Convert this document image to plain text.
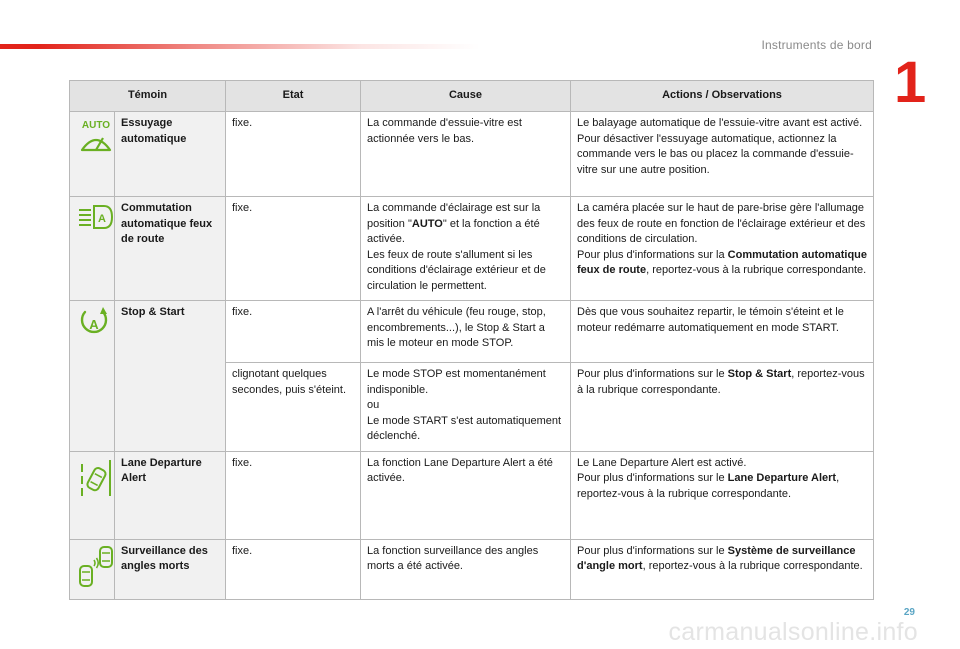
Instruments de bord
1
Témoin		Etat	Cause	Actions / Observations

AUTO	Essuyage automatique	fixe.	La commande d'essuie-vitre est actionnée vers le bas.	Le balayage automatique de l'essuie-vitre avant est activé.
Pour désactiver l'essuyage automatique, actionnez la commande vers le bas ou placez la commande d'essuie-vitre sur une autre position.

A	Commutation automatique feux de route	fixe.	La commande d'éclairage est sur la position "AUTO" et la fonction a été activée.
Les feux de route s'allument si les conditions d'éclairage extérieur et de circulation le permettent.	La caméra placée sur le haut de pare-brise gère l'allumage des feux de route en fonction de l'éclairage extérieur et des conditions de circulation.
Pour plus d'informations sur la Commutation automatique feux de route, reportez-vous à la rubrique correspondante.

A	Stop & Start	fixe.	A l'arrêt du véhicule (feu rouge, stop, encombrements...), le Stop & Start a mis le moteur en mode STOP.	Dès que vous souhaitez repartir, le témoin s'éteint et le moteur redémarre automatiquement en mode START.
		clignotant quelques secondes, puis s'éteint.	Le mode STOP est momentanément indisponible.
ou
Le mode START s'est automatiquement déclenché.	Pour plus d'informations sur le Stop & Start, reportez-vous à la rubrique correspondante.
	Lane Departure Alert	fixe.	La fonction Lane Departure Alert a été activée.	Le Lane Departure Alert est activé.
Pour plus d'informations sur le Lane Departure Alert, reportez-vous à la rubrique correspondante.
	Surveillance des angles morts	fixe.	La fonction surveillance des angles morts a été activée.	Pour plus d'informations sur le Système de surveillance d'angle mort, reportez-vous à la rubrique correspondante.
29
carmanualsonline.info
